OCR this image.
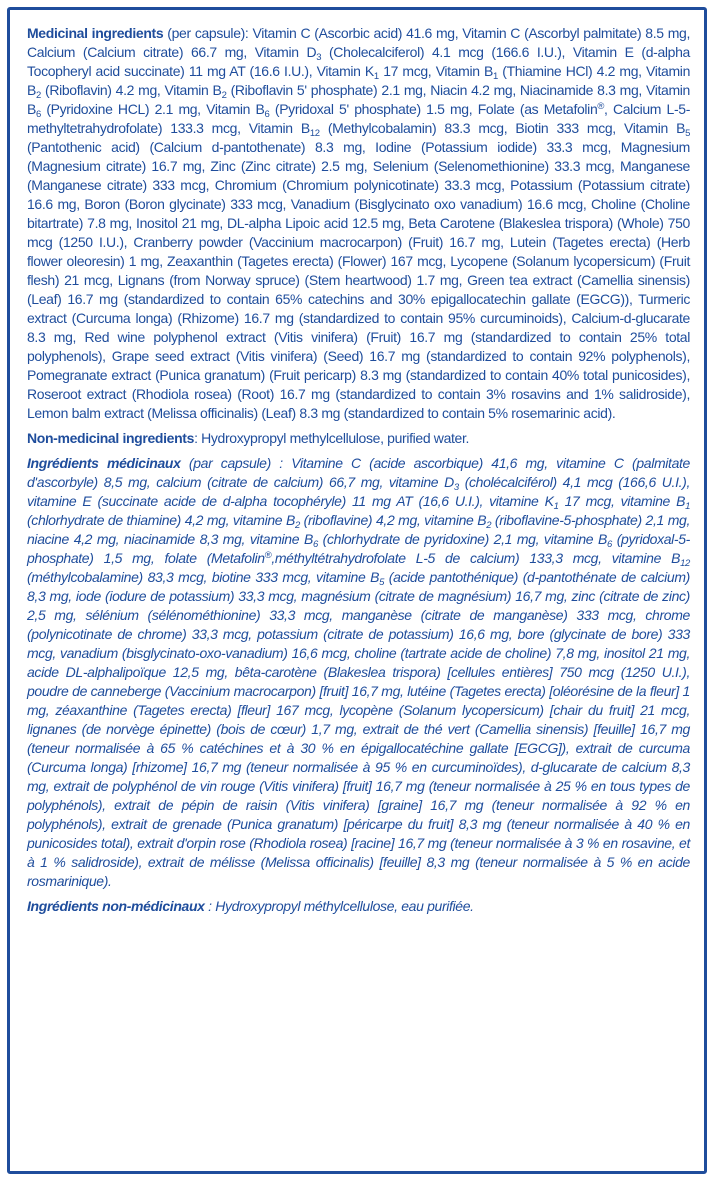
Medicinal ingredients (per capsule): Vitamin C (Ascorbic acid) 41.6 mg, Vitamin C (Ascorbyl palmitate) 8.5 mg, Calcium (Calcium citrate) 66.7 mg, Vitamin $D_3$ (Cholecalciferol) 4.1 mcg (166.6 I.U.), Vitamin E (d-alpha Tocopheryl acid succinate) 11 mg AT (16.6 I.U.), Vitamin $K_1$ 17 mcg, Vitamin $B_1$ (Thiamine HCl) 4.2 mg, Vitamin $B_2$ (Riboflavin) 4.2 mg, Vitamin $B_2$ (Riboflavin 5' phosphate) 2.1 mg, Niacin 4.2 mg, Niacinamide 8.3 mg, Vitamin $B_6$ (Pyridoxine HCL) 2.1 mg, Vitamin $B_6$ (Pyridoxal 5' phosphate) 1.5 mg, Folate (as Metafolin®, Calcium L-5-methyltetrahydrofolate) 133.3 mcg, Vitamin $B_{12}$ (Methylcobalamin) 83.3 mcg, Biotin 333 mcg, Vitamin $B_5$ (Pantothenic acid) (Calcium d-pantothenate) 8.3 mg, Iodine (Potassium iodide) 33.3 mcg, Magnesium (Magnesium citrate) 16.7 mg, Zinc (Zinc citrate) 2.5 mg, Selenium (Selenomethionine) 33.3 mcg, Manganese (Manganese citrate) 333 mcg, Chromium (Chromium polynicotinate) 33.3 mcg, Potassium (Potassium citrate) 16.6 mg, Boron (Boron glycinate) 333 mcg, Vanadium (Bisglycinato oxo vanadium) 16.6 mcg, Choline (Choline bitartrate) 7.8 mg, Inositol 21 mg, DL-alpha Lipoic acid 12.5 mg, Beta Carotene (Blakeslea trispora) (Whole) 750 mcg (1250 I.U.), Cranberry powder (Vaccinium macrocarpon) (Fruit) 16.7 mg, Lutein (Tagetes erecta) (Herb flower oleoresin) 1 mg, Zeaxanthin (Tagetes erecta) (Flower) 167 mcg, Lycopene (Solanum lycopersicum) (Fruit flesh) 21 mcg, Lignans (from Norway spruce) (Stem heartwood) 1.7 mg, Green tea extract (Camellia sinensis) (Leaf) 16.7 mg (standardized to contain 65% catechins and 30% epigallocatechin gallate (EGCG)), Turmeric extract (Curcuma longa) (Rhizome) 16.7 mg (standardized to contain 95% curcuminoids), Calcium-d-glucarate 8.3 mg, Red wine polyphenol extract (Vitis vinifera) (Fruit) 16.7 mg (standardized to contain 25% total polyphenols), Grape seed extract (Vitis vinifera) (Seed) 16.7 mg (standardized to contain 92% polyphenols), Pomegranate extract (Punica granatum) (Fruit pericarp) 8.3 mg (standardized to contain 40% total punicosides), Roseroot extract (Rhodiola rosea) (Root) 16.7 mg (standardized to contain 3% rosavins and 1% salidroside), Lemon balm extract (Melissa officinalis) (Leaf) 8.3 mg (standardized to contain 5% rosemarinic acid).

Non-medicinal ingredients: Hydroxypropyl methylcellulose, purified water.

Ingrédients médicinaux (par capsule) : Vitamine C (acide ascorbique) 41,6 mg, vitamine C (palmitate d'ascorbyle) 8,5 mg, calcium (citrate de calcium) 66,7 mg, vitamine $D_3$ (cholécalciférol) 4,1 mcg (166,6 U.I.), vitamine E (succinate acide de d-alpha tocophéryle) 11 mg AT (16,6 U.I.), vitamine $K_1$ 17 mcg, vitamine $B_1$ (chlorhydrate de thiamine) 4,2 mg, vitamine $B_2$ (riboflavine) 4,2 mg, vitamine $B_2$ (riboflavine-5-phosphate) 2,1 mg, niacine 4,2 mg, niacinamide 8,3 mg, vitamine $B_6$ (chlorhydrate de pyridoxine) 2,1 mg, vitamine $B_6$ (pyridoxal-5-phosphate) 1,5 mg, folate (Metafolin®,méthyltétrahydrofolate L-5 de calcium) 133,3 mcg, vitamine $B_{12}$ (méthylcobalamine) 83,3 mcg, biotine 333 mcg, vitamine $B_5$ (acide pantothénique) (d-pantothénate de calcium) 8,3 mg, iode (iodure de potassium) 33,3 mcg, magnésium (citrate de magnésium) 16,7 mg, zinc (citrate de zinc) 2,5 mg, sélénium (sélénométhionine) 33,3 mcg, manganèse (citrate de manganèse) 333 mcg, chrome (polynicotinate de chrome) 33,3 mcg, potassium (citrate de potassium) 16,6 mg, bore (glycinate de bore) 333 mcg, vanadium (bisglycinato-oxo-vanadium) 16,6 mcg, choline (tartrate acide de choline) 7,8 mg, inositol 21 mg, acide DL-alphalipoïque 12,5 mg, bêta-carotène (Blakeslea trispora) [cellules entières] 750 mcg (1250 U.I.), poudre de canneberge (Vaccinium macrocarpon) [fruit] 16,7 mg, lutéine (Tagetes erecta) [oléorésine de la fleur] 1 mg, zéaxanthine (Tagetes erecta) [fleur] 167 mcg, lycopène (Solanum lycopersicum) [chair du fruit] 21 mcg, lignanes (de norvège épinette) (bois de cœur) 1,7 mg, extrait de thé vert (Camellia sinensis) [feuille] 16,7 mg (teneur normalisée à 65 % catéchines et à 30 % en épigallocatéchine gallate [EGCG]), extrait de curcuma (Curcuma longa) [rhizome] 16,7 mg (teneur normalisée à 95 % en curcuminoïdes), d-glucarate de calcium 8,3 mg, extrait de polyphénol de vin rouge (Vitis vinifera) [fruit] 16,7 mg (teneur normalisée à 25 % en tous types de polyphénols), extrait de pépin de raisin (Vitis vinifera) [graine] 16,7 mg (teneur normalisée à 92 % en polyphénols), extrait de grenade (Punica granatum) [péricarpe du fruit] 8,3 mg (teneur normalisée à 40 % en punicosides total), extrait d'orpin rose (Rhodiola rosea) [racine] 16,7 mg (teneur normalisée à 3 % en rosavine, et à 1 % salidroside), extrait de mélisse (Melissa officinalis) [feuille] 8,3 mg (teneur normalisée à 5 % en acide rosmarinique).

Ingrédients non-médicinaux : Hydroxypropyl méthylcellulose, eau purifiée.
